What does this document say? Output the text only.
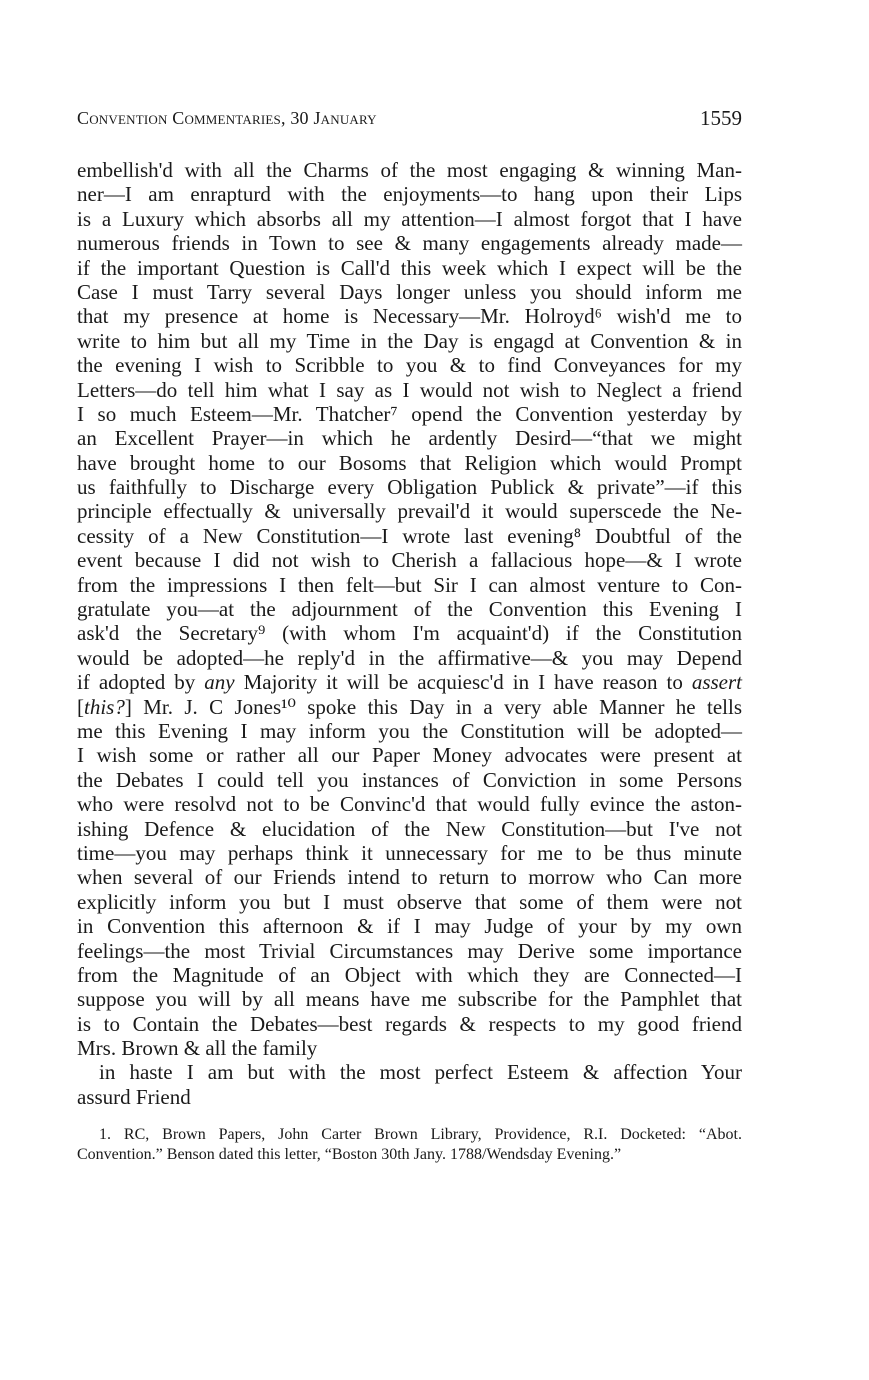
Convention Commentaries, 30 January	1559
embellish'd with all the Charms of the most engaging & winning Man-
ner—I am enrapturd with the enjoyments—to hang upon their Lips
is a Luxury which absorbs all my attention—I almost forgot that I have
numerous friends in Town to see & many engagements already made—
if the important Question is Call'd this week which I expect will be the
Case I must Tarry several Days longer unless you should inform me
that my presence at home is Necessary—Mr. Holroyd⁶ wish'd me to
write to him but all my Time in the Day is engagd at Convention & in
the evening I wish to Scribble to you & to find Conveyances for my
Letters—do tell him what I say as I would not wish to Neglect a friend
I so much Esteem—Mr. Thatcher⁷ opend the Convention yesterday by
an Excellent Prayer—in which he ardently Desird—“that we might
have brought home to our Bosoms that Religion which would Prompt
us faithfully to Discharge every Obligation Publick & private”—if this
principle effectually & universally prevail'd it would superscede the Ne-
cessity of a New Constitution—I wrote last evening⁸ Doubtful of the
event because I did not wish to Cherish a fallacious hope—& I wrote
from the impressions I then felt—but Sir I can almost venture to Con-
gratulate you—at the adjournment of the Convention this Evening I
ask'd the Secretary⁹ (with whom I'm acquaint'd) if the Constitution
would be adopted—he reply'd in the affirmative—& you may Depend
if adopted by any Majority it will be acquiesc'd in I have reason to assert
[this?] Mr. J. C Jones¹⁰ spoke this Day in a very able Manner he tells
me this Evening I may inform you the Constitution will be adopted—
I wish some or rather all our Paper Money advocates were present at
the Debates I could tell you instances of Conviction in some Persons
who were resolvd not to be Convinc'd that would fully evince the aston-
ishing Defence & elucidation of the New Constitution—but I've not
time—you may perhaps think it unnecessary for me to be thus minute
when several of our Friends intend to return to morrow who Can more
explicitly inform you but I must observe that some of them were not
in Convention this afternoon & if I may Judge of your by my own
feelings—the most Trivial Circumstances may Derive some importance
from the Magnitude of an Object with which they are Connected—I
suppose you will by all means have me subscribe for the Pamphlet that
is to Contain the Debates—best regards & respects to my good friend
Mrs. Brown & all the family
in haste I am but with the most perfect Esteem & affection Your
assurd Friend
1. RC, Brown Papers, John Carter Brown Library, Providence, R.I. Docketed: “Abot.
Convention.” Benson dated this letter, “Boston 30th Jany. 1788/Wendsday Evening.”
